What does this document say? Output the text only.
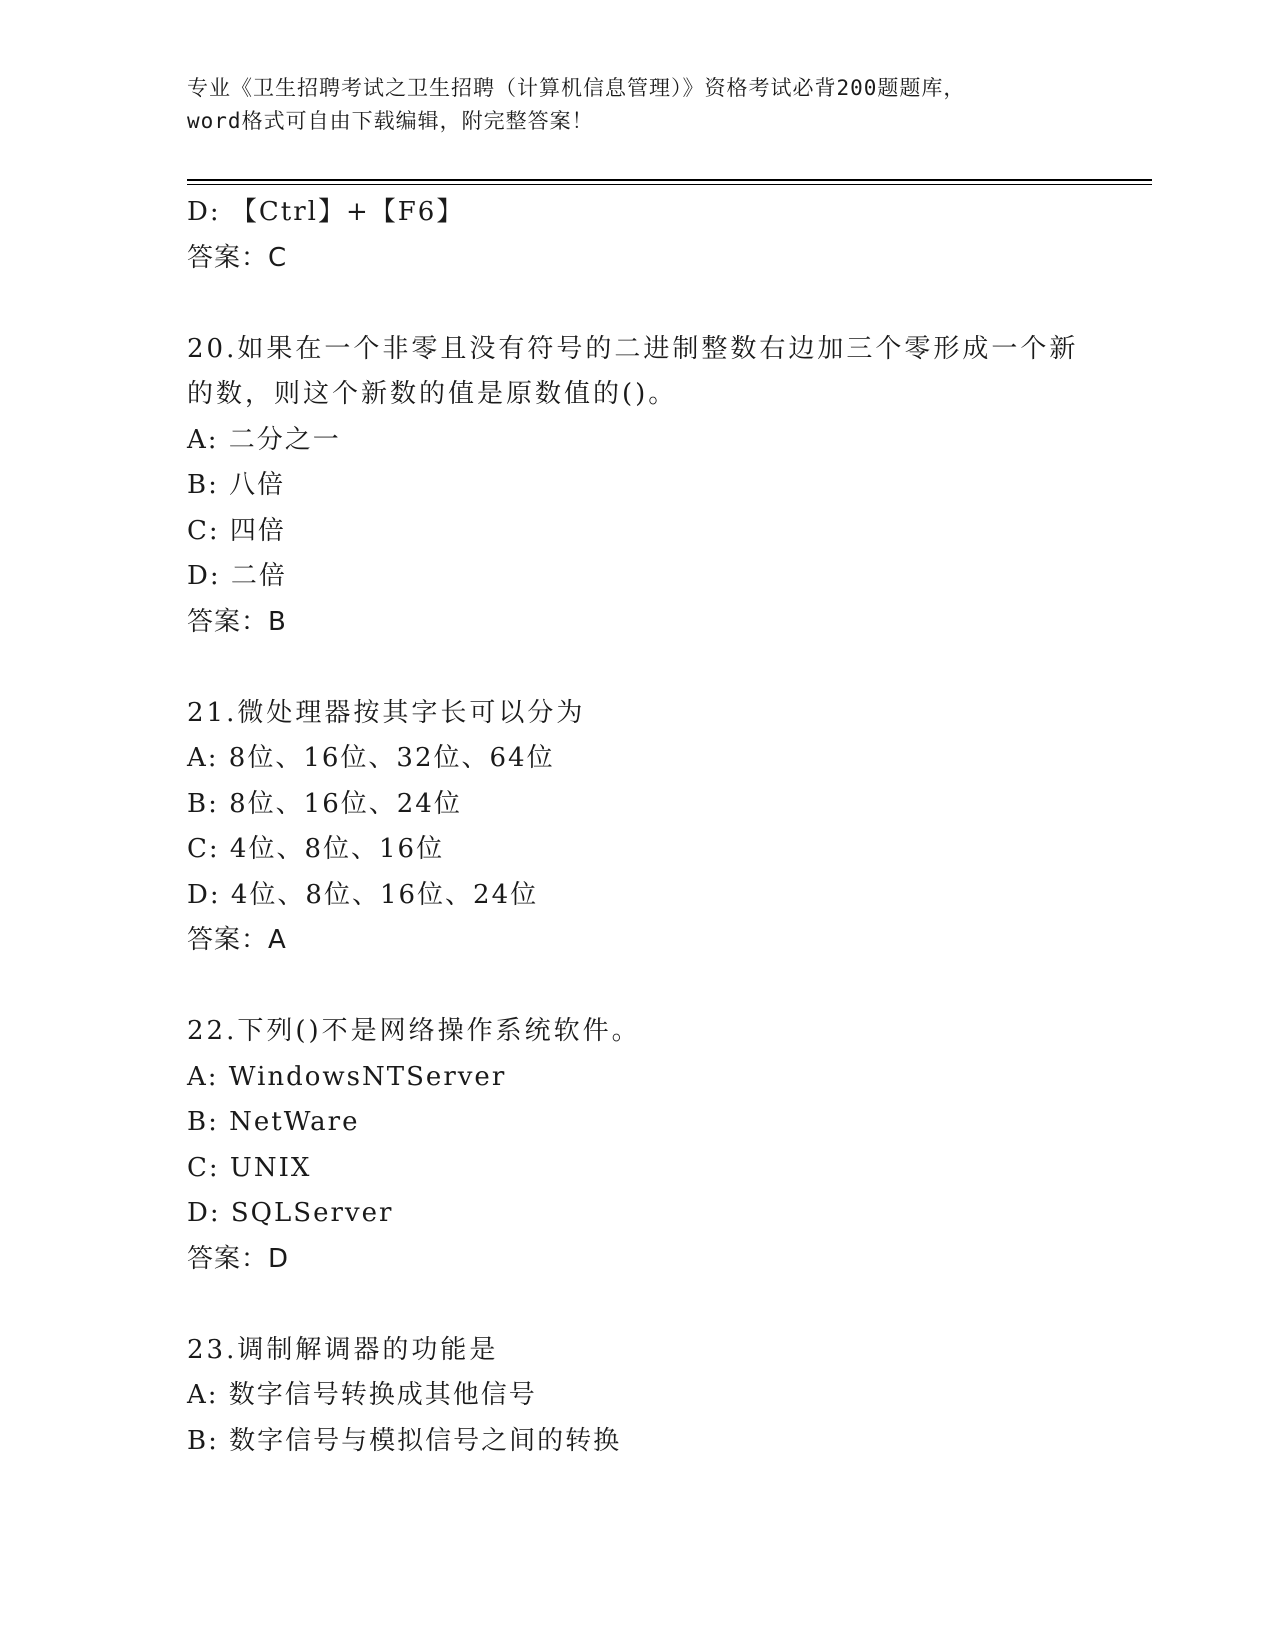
专业《卫生招聘考试之卫生招聘（计算机信息管理）》资格考试必背200题题库，
word格式可自由下载编辑，附完整答案！
D: 【Ctrl】+【F6】
答案：C
20.如果在一个非零且没有符号的二进制整数右边加三个零形成一个新
的数，则这个新数的值是原数值的()。
A: 二分之一
B: 八倍
C: 四倍
D: 二倍
答案：B
21.微处理器按其字长可以分为
A: 8位、16位、32位、64位
B: 8位、16位、24位
C: 4位、8位、16位
D: 4位、8位、16位、24位
答案：A
22.下列()不是网络操作系统软件。
A: WindowsNTServer
B: NetWare
C: UNIX
D: SQLServer
答案：D
23.调制解调器的功能是
A: 数字信号转换成其他信号
B: 数字信号与模拟信号之间的转换
